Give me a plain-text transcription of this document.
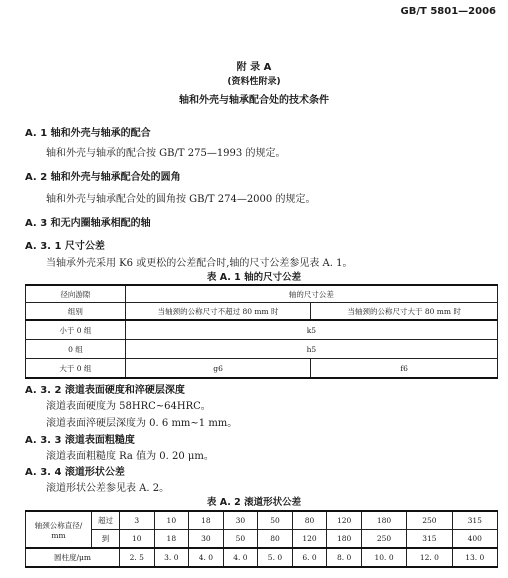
GB/T 5801—2006
附 录 A
(资料性附录)
轴和外壳与轴承配合处的技术条件
A. 1 轴和外壳与轴承的配合
轴和外壳与轴承的配合按 GB/T 275—1993 的规定。
A. 2 轴和外壳与轴承配合处的圆角
轴和外壳与轴承配合处的圆角按 GB/T 274—2000 的规定。
A. 3 和无内圈轴承相配的轴
A. 3. 1 尺寸公差
当轴承外壳采用 K6 或更松的公差配合时,轴的尺寸公差参见表 A. 1。
表 A. 1 轴的尺寸公差
径向游隙	轴的尺寸公差	
组别	当轴颈的公称尺寸不超过 80 mm 时	当轴颈的公称尺寸大于 80 mm 时
小于 0 组	k5	
0 组	h5	
大于 0 组	g6	f6
A. 3. 2 滚道表面硬度和淬硬层深度
滚道表面硬度为 58HRC~64HRC。
滚道表面淬硬层深度为 0. 6 mm~1 mm。
A. 3. 3 滚道表面粗糙度
滚道表面粗糙度 Ra 值为 0. 20 μm。
A. 3. 4 滚道形状公差
滚道形状公差参见表 A. 2。
表 A. 2 滚道形状公差
轴颈公称直径/
mm	超过	3	10	18	30	50	80	120	180	250	315
	到	10	18	30	50	80	120	180	250	315	400
圆柱度/μm		2. 5	3. 0	4. 0	4. 0	5. 0	6. 0	8. 0	10. 0	12. 0	13. 0
